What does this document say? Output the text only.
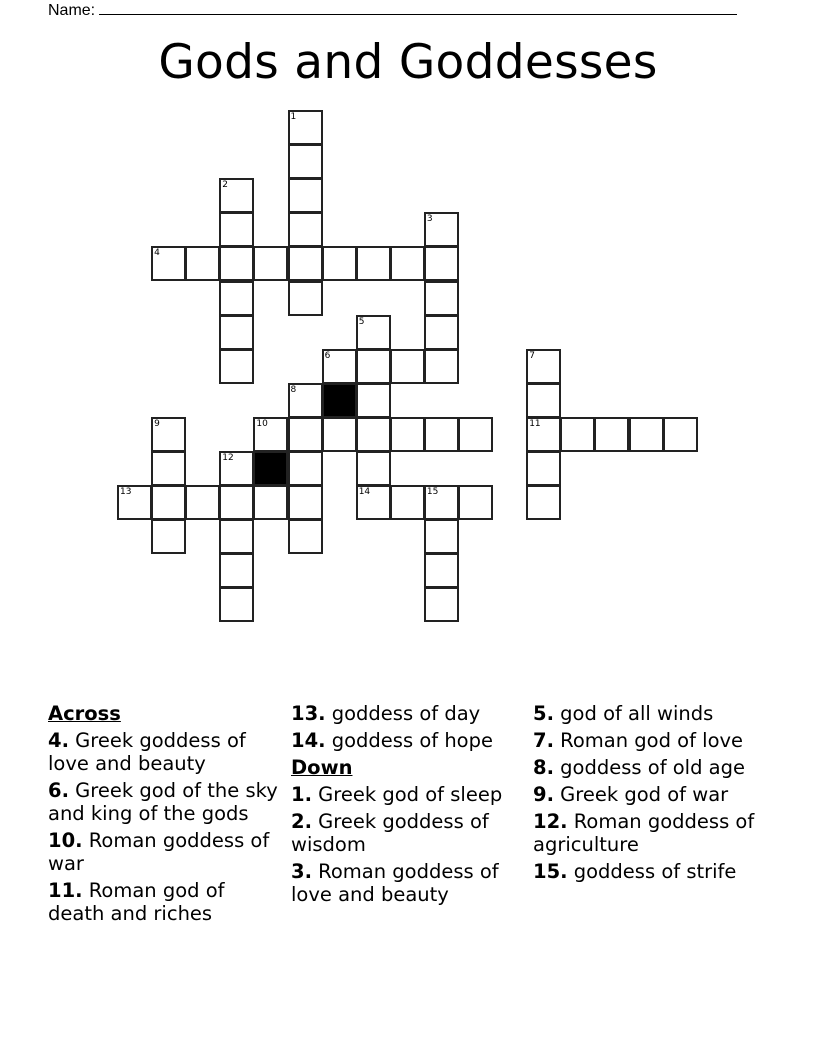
Name:
Gods and Goddesses
1
2
3
4
5
6	7
8
9	10	11
12
13	14	15
Across
4. Greek goddess of love and beauty
6. Greek god of the sky and king of the gods
10. Roman goddess of war
11. Roman god of death and riches
13. goddess of day
14. goddess of hope
Down
1. Greek god of sleep
2. Greek goddess of wisdom
3. Roman goddess of love and beauty
5. god of all winds
7. Roman god of love
8. goddess of old age
9. Greek god of war
12. Roman goddess of agriculture
15. goddess of strife
